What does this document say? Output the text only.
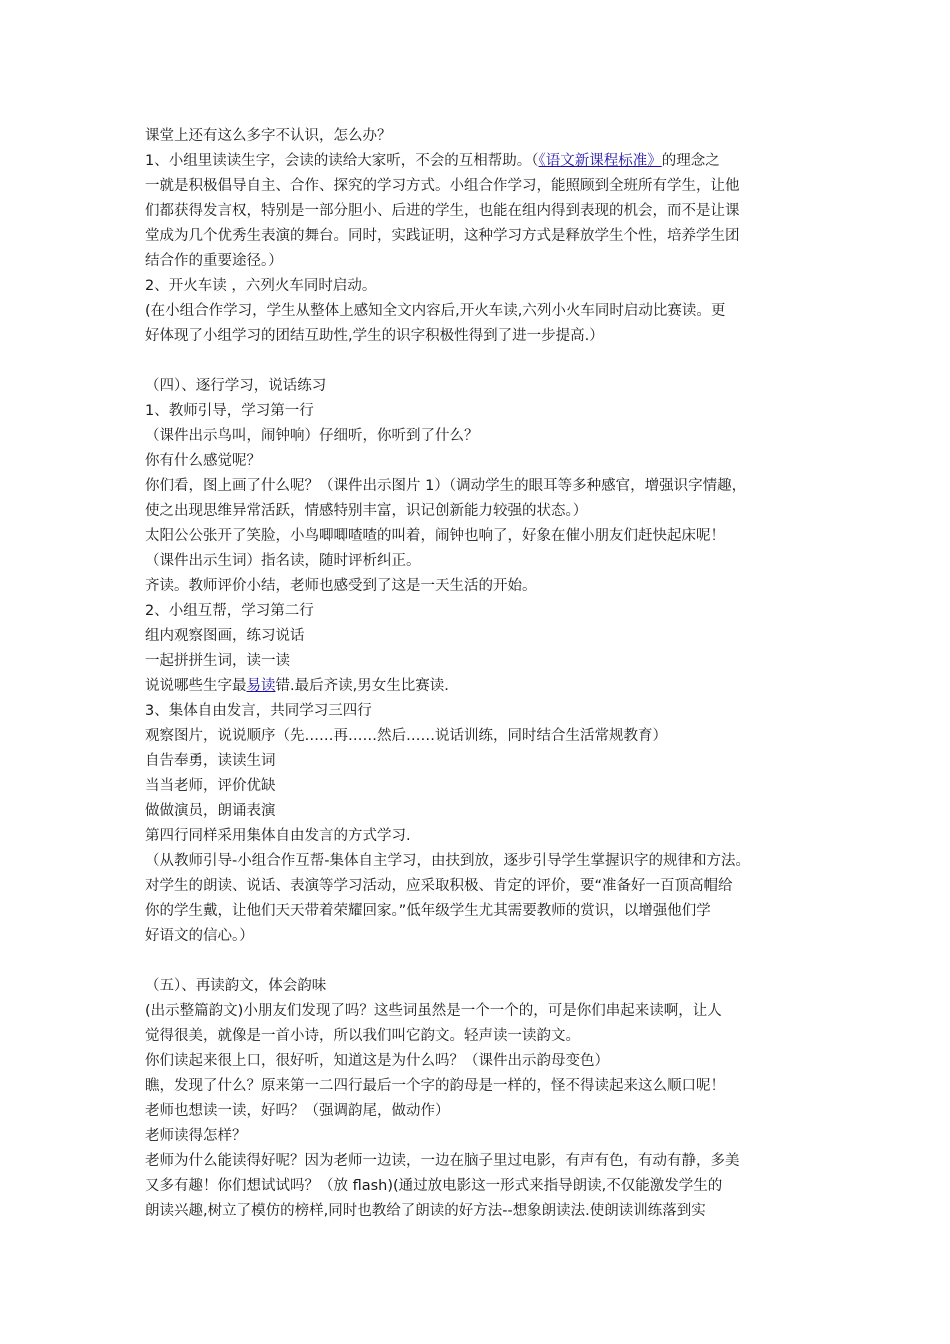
课堂上还有这么多字不认识，怎么办？
1、小组里读读生字，会读的读给大家听，不会的互相帮助。（《语文新课程标准》的理念之
一就是积极倡导自主、合作、探究的学习方式。小组合作学习，能照顾到全班所有学生，让他
们都获得发言权，特别是一部分胆小、后进的学生，也能在组内得到表现的机会，而不是让课
堂成为几个优秀生表演的舞台。同时，实践证明，这种学习方式是释放学生个性，培养学生团
结合作的重要途径。）
2、开火车读 ，六列火车同时启动。
(在小组合作学习，学生从整体上感知全文内容后,开火车读,六列小火车同时启动比赛读。更
好体现了小组学习的团结互助性,学生的识字积极性得到了进一步提高.）
（四）、逐行学习，说话练习
1、教师引导，学习第一行
（课件出示鸟叫，闹钟响）仔细听，你听到了什么？
你有什么感觉呢？
你们看，图上画了什么呢？（课件出示图片 1）（调动学生的眼耳等多种感官，增强识字情趣，
使之出现思维异常活跃，情感特别丰富，识记创新能力较强的状态。）
太阳公公张开了笑脸，小鸟唧唧喳喳的叫着，闹钟也响了，好象在催小朋友们赶快起床呢！
（课件出示生词）指名读，随时评析纠正。
齐读。教师评价小结，老师也感受到了这是一天生活的开始。
2、小组互帮，学习第二行
组内观察图画，练习说话
一起拼拼生词，读一读
说说哪些生字最易读错.最后齐读,男女生比赛读.
3、集体自由发言，共同学习三四行
观察图片，说说顺序（先……再……然后……说话训练，同时结合生活常规教育）
自告奉勇，读读生词
当当老师，评价优缺
做做演员，朗诵表演
第四行同样采用集体自由发言的方式学习.
（从教师引导-小组合作互帮-集体自主学习，由扶到放，逐步引导学生掌握识字的规律和方法。
对学生的朗读、说话、表演等学习活动，应采取积极、肯定的评价，要“准备好一百顶高帽给
你的学生戴，让他们天天带着荣耀回家。”低年级学生尤其需要教师的赏识，以增强他们学
好语文的信心。）
（五）、再读韵文，体会韵味
(出示整篇韵文)小朋友们发现了吗？这些词虽然是一个一个的，可是你们串起来读啊，让人
觉得很美，就像是一首小诗，所以我们叫它韵文。轻声读一读韵文。
你们读起来很上口，很好听，知道这是为什么吗？（课件出示韵母变色）
瞧，发现了什么？原来第一二四行最后一个字的韵母是一样的，怪不得读起来这么顺口呢！
老师也想读一读，好吗？（强调韵尾，做动作）
老师读得怎样？
老师为什么能读得好呢？因为老师一边读，一边在脑子里过电影，有声有色，有动有静，多美
又多有趣！你们想试试吗？（放 flash)(通过放电影这一形式来指导朗读,不仅能激发学生的
朗读兴趣,树立了模仿的榜样,同时也教给了朗读的好方法--想象朗读法.使朗读训练落到实
